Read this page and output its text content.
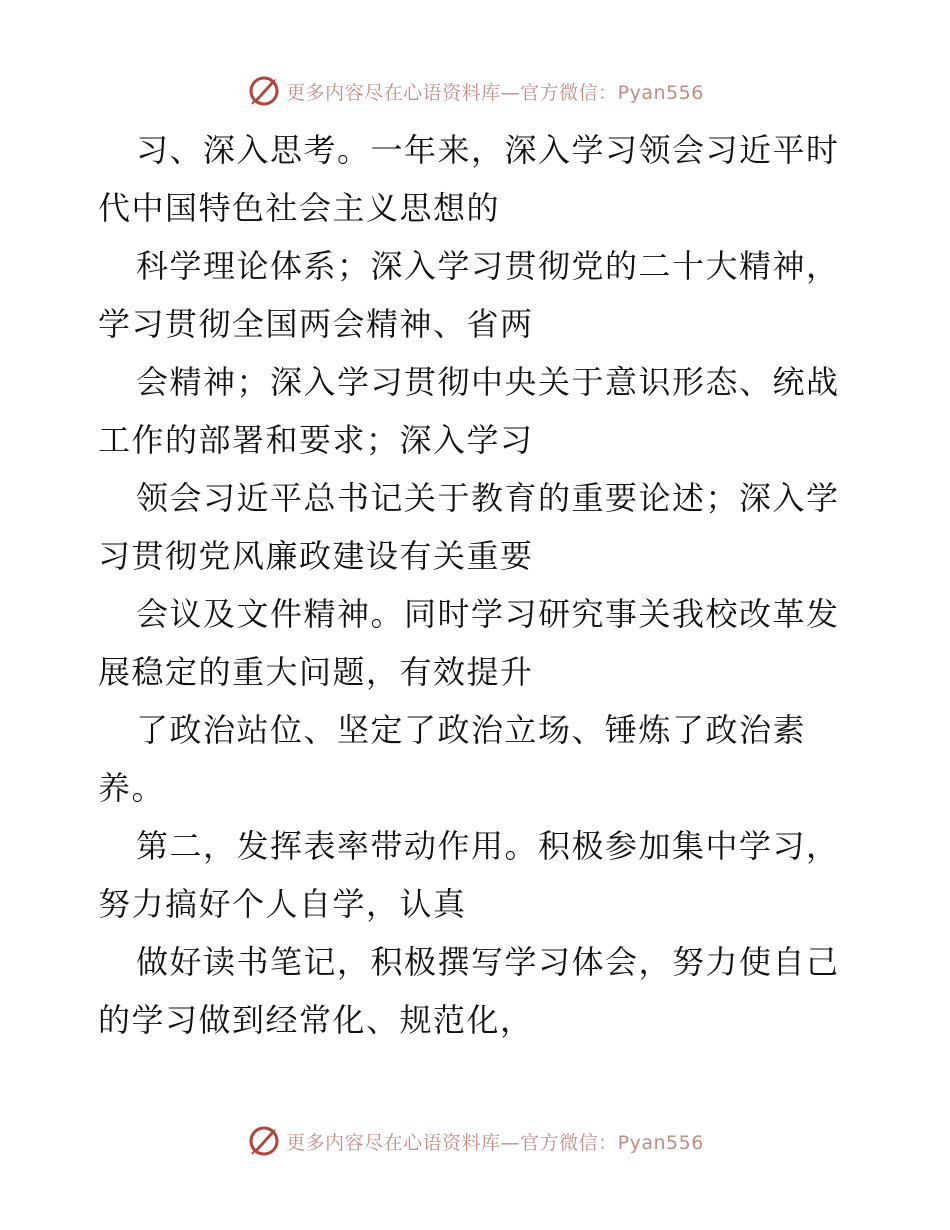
更多内容尽在心语资料库—官方微信：Pyan556
习、深入思考。一年来，深入学习领会习近平时
代中国特色社会主义思想的
科学理论体系；深入学习贯彻党的二十大精神，
学习贯彻全国两会精神、省两
会精神；深入学习贯彻中央关于意识形态、统战
工作的部署和要求；深入学习
领会习近平总书记关于教育的重要论述；深入学
习贯彻党风廉政建设有关重要
会议及文件精神。同时学习研究事关我校改革发
展稳定的重大问题，有效提升
了政治站位、坚定了政治立场、锤炼了政治素
养。
第二，发挥表率带动作用。积极参加集中学习，
努力搞好个人自学，认真
做好读书笔记，积极撰写学习体会，努力使自己
的学习做到经常化、规范化，
更多内容尽在心语资料库—官方微信：Pyan556
